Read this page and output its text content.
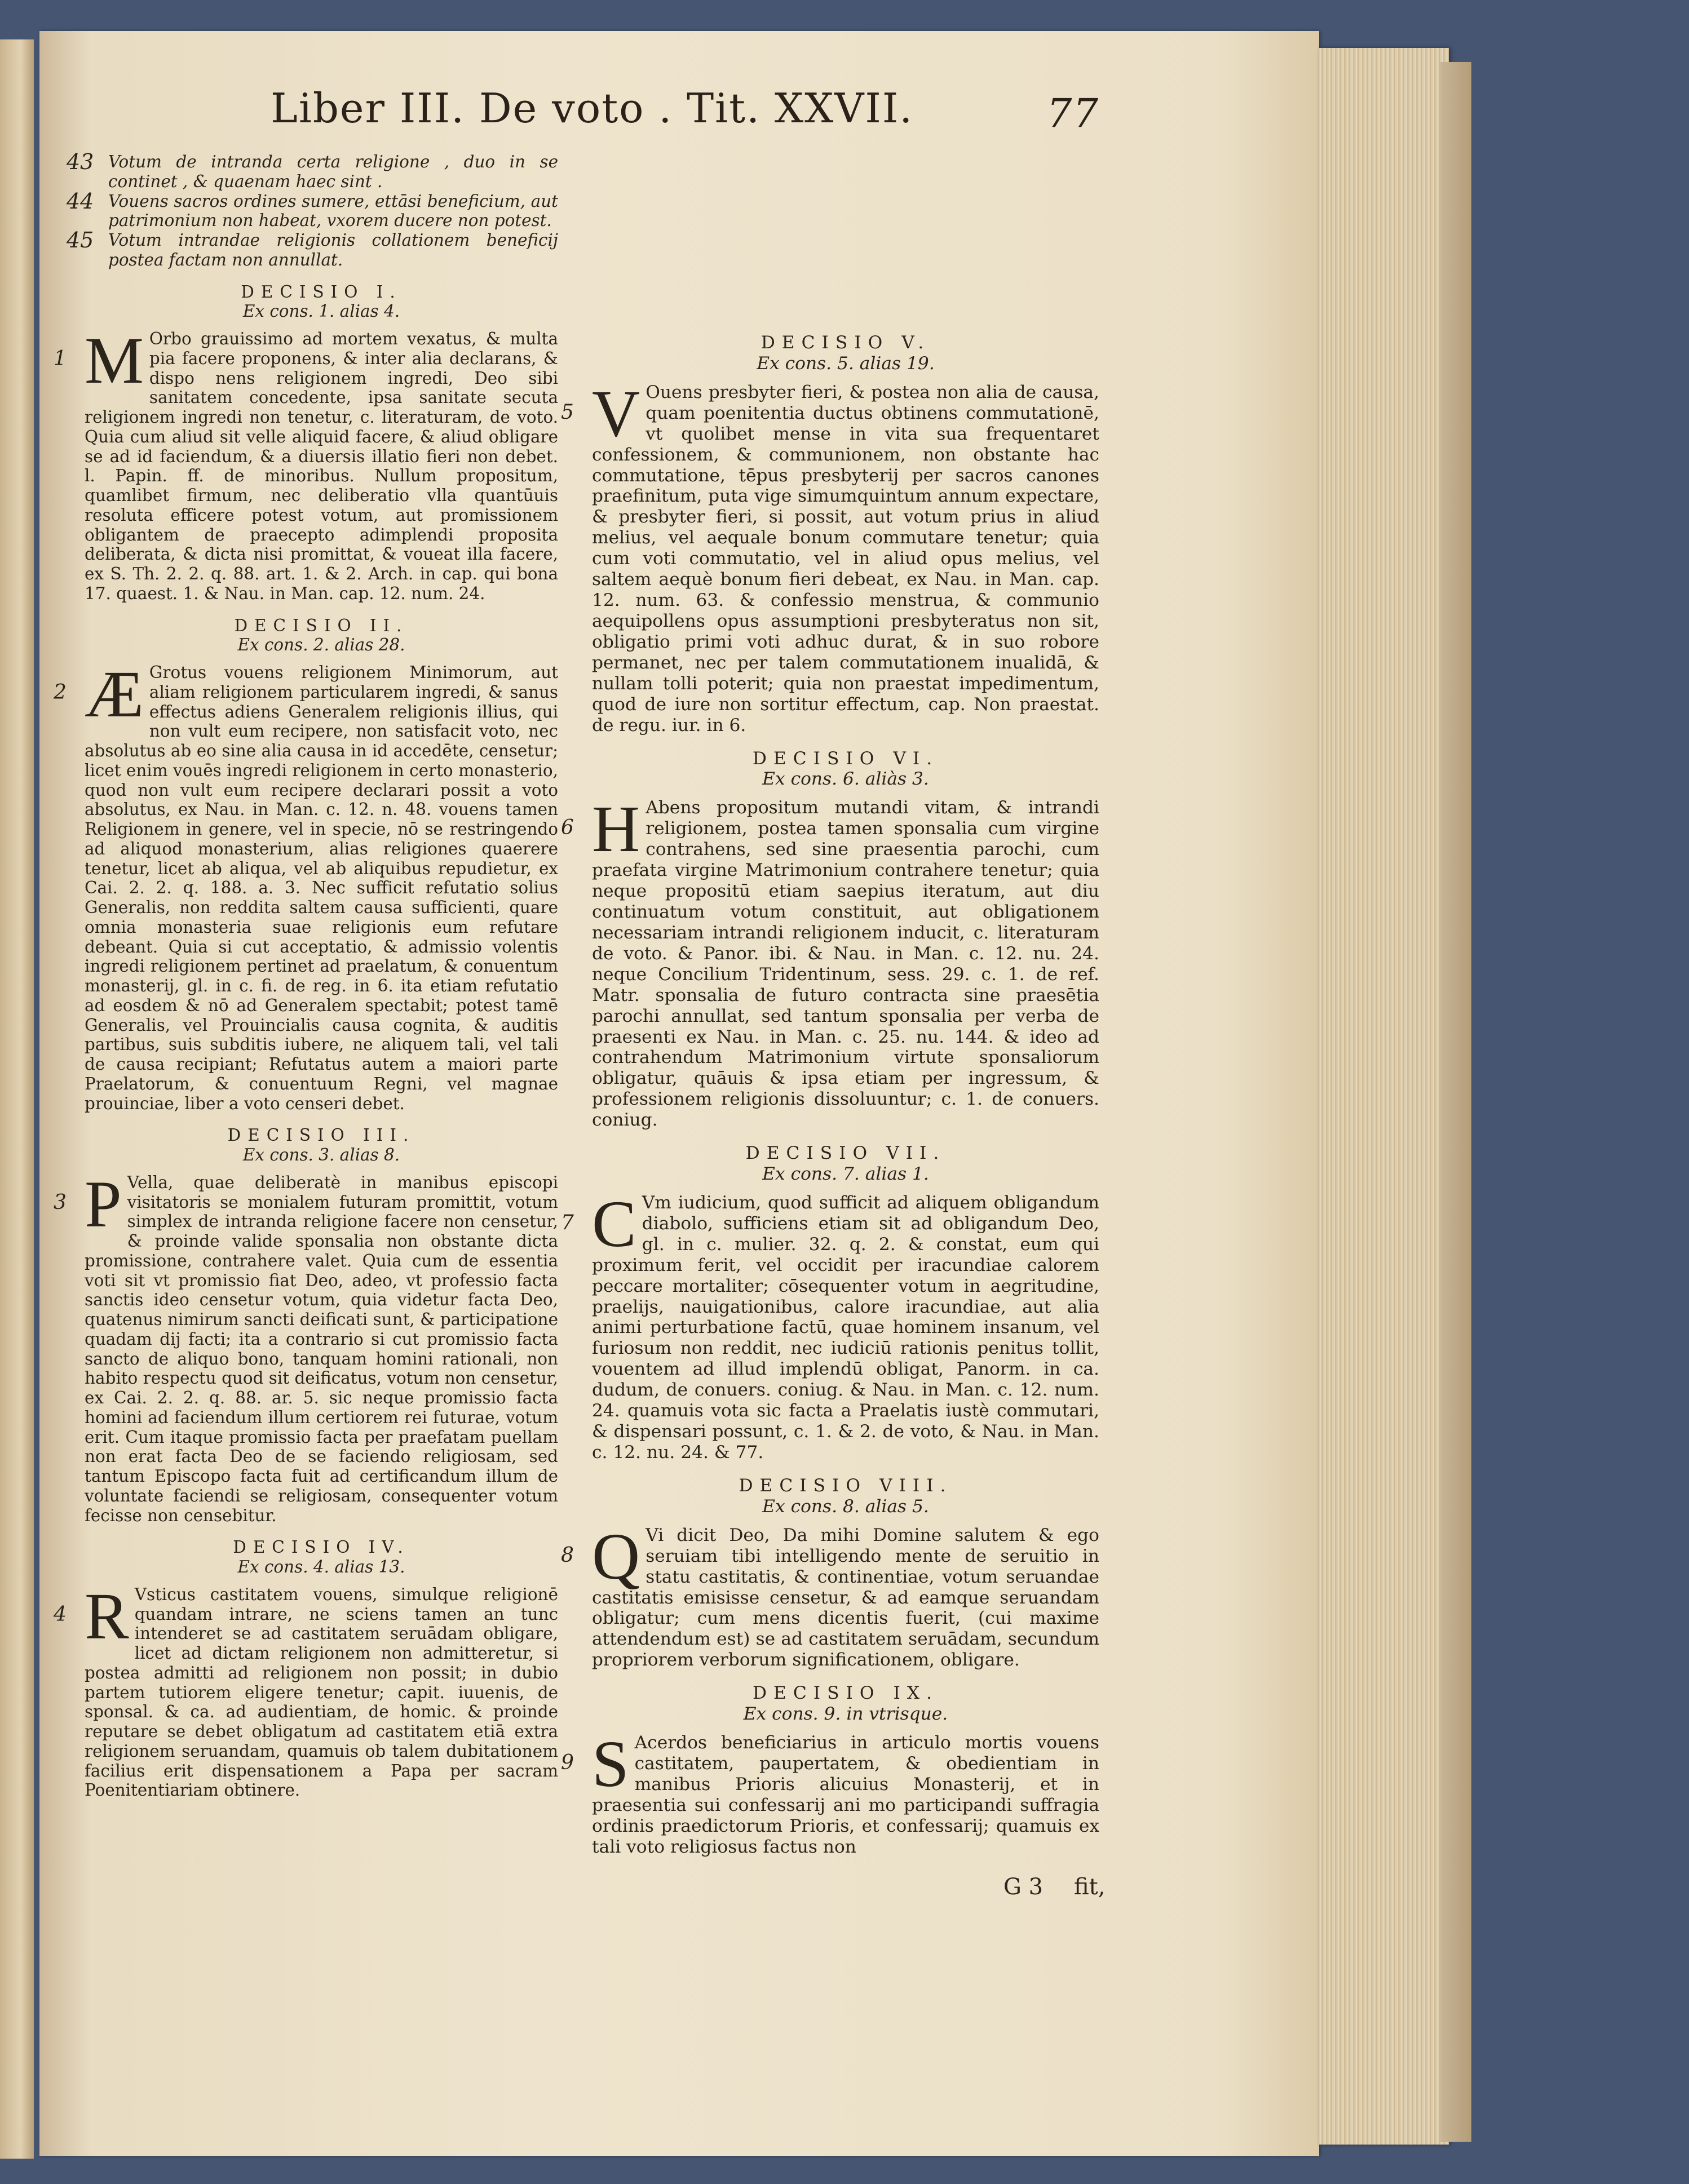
Liber III. De voto . Tit. XXVII.	77

43 Votum de intranda certa religione , duo in se continet , & quaenam haec sint .

44 Vouens sacros ordines sumere, ettāsi beneficium, aut patrimonium non habeat, vxorem ducere non potest.

45 Votum intrandae religionis collationem beneficij postea factam non annullat.

DECISIO I.

Ex cons. 1. alias 4.

1 M Orbo grauissimo ad mortem vexatus, & multa pia facere proponens, & inter alia declarans, & dispo nens religionem ingredi, Deo sibi sanitatem concedente, ipsa sanitate secuta religionem ingredi non tenetur, c. literaturam, de voto. Quia cum aliud sit velle aliquid facere, & aliud obligare se ad id faciendum, & a diuersis illatio fieri non debet. l. Papin. ff. de minoribus. Nullum propositum, quamlibet firmum, nec deliberatio vlla quantūuis resoluta efficere potest votum, aut promissionem obligantem de praecepto adimplendi proposita deliberata, & dicta nisi promittat, & voueat illa facere, ex S. Th. 2. 2. q. 88. art. 1. & 2. Arch. in cap. qui bona 17. quaest. 1. & Nau. in Man. cap. 12. num. 24.

DECISIO II.

Ex cons. 2. alias 28.

2 Æ Grotus vouens religionem Minimorum, aut aliam religionem particularem ingredi, & sanus effectus adiens Generalem religionis illius, qui non vult eum recipere, non satisfacit voto, nec absolutus ab eo sine alia causa in id accedēte, censetur; licet enim vouēs ingredi religionem in certo monasterio, quod non vult eum recipere declarari possit a voto absolutus, ex Nau. in Man. c. 12. n. 48. vouens tamen Religionem in genere, vel in specie, nō se restringendo ad aliquod monasterium, alias religiones quaerere tenetur, licet ab aliqua, vel ab aliquibus repudietur, ex Cai. 2. 2. q. 188. a. 3. Nec sufficit refutatio solius Generalis, non reddita saltem causa sufficienti, quare omnia monasteria suae religionis eum refutare debeant. Quia si cut acceptatio, & admissio volentis ingredi religionem pertinet ad praelatum, & conuentum monasterij, gl. in c. fi. de reg. in 6. ita etiam refutatio ad eosdem & nō ad Generalem spectabit; potest tamē Generalis, vel Prouincialis causa cognita, & auditis partibus, suis subditis iubere, ne aliquem tali, vel tali de causa recipiant; Refutatus autem a maiori parte Praelatorum, & conuentuum Regni, vel magnae prouinciae, liber a voto censeri debet.

DECISIO III.

Ex cons. 3. alias 8.

3 P Vella, quae deliberatè in manibus episcopi visitatoris se monialem futuram promittit, votum simplex de intranda religione facere non censetur, & proinde valide sponsalia non obstante dicta promissione, contrahere valet. Quia cum de essentia voti sit vt promissio fiat Deo, adeo, vt professio facta sanctis ideo censetur votum, quia videtur facta Deo, quatenus nimirum sancti deificati sunt, & participatione quadam dij facti; ita a contrario si cut promissio facta sancto de aliquo bono, tanquam homini rationali, non habito respectu quod sit deificatus, votum non censetur, ex Cai. 2. 2. q. 88. ar. 5. sic neque promissio facta homini ad faciendum illum certiorem rei futurae, votum erit. Cum itaque promissio facta per praefatam puellam non erat facta Deo de se faciendo religiosam, sed tantum Episcopo facta fuit ad certificandum illum de voluntate faciendi se religiosam, consequenter votum fecisse non censebitur.

DECISIO IV.

Ex cons. 4. alias 13.

4 R Vsticus castitatem vouens, simulque religionē quandam intrare, ne sciens tamen an tunc intenderet se ad castitatem seruādam obligare, licet ad dictam religionem non admitteretur, si postea admitti ad religionem non possit; in dubio partem tutiorem eligere tenetur; capit. iuuenis, de sponsal. & ca. ad audientiam, de homic. & proinde reputare se debet obligatum ad castitatem etiā extra religionem seruandam, quamuis ob talem dubitationem facilius erit dispensationem a Papa per sacram Poenitentiariam obtinere.

DECISIO V.

Ex cons. 5. alias 19.

5 V Ouens presbyter fieri, & postea non alia de causa, quam poenitentia ductus obtinens commutationē, vt quolibet mense in vita sua frequentaret confessionem, & communionem, non obstante hac commutatione, tēpus presbyterij per sacros canones praefinitum, puta vige simumquintum annum expectare, & presbyter fieri, si possit, aut votum prius in aliud melius, vel aequale bonum commutare tenetur; quia cum voti commutatio, vel in aliud opus melius, vel saltem aequè bonum fieri debeat, ex Nau. in Man. cap. 12. num. 63. & confessio menstrua, & communio aequipollens opus assumptioni presbyteratus non sit, obligatio primi voti adhuc durat, & in suo robore permanet, nec per talem commutationem inualidā, & nullam tolli poterit; quia non praestat impedimentum, quod de iure non sortitur effectum, cap. Non praestat. de regu. iur. in 6.

DECISIO VI.

Ex cons. 6. aliàs 3.

6 H Abens propositum mutandi vitam, & intrandi religionem, postea tamen sponsalia cum virgine contrahens, sed sine praesentia parochi, cum praefata virgine Matrimonium contrahere tenetur; quia neque propositū etiam saepius iteratum, aut diu continuatum votum constituit, aut obligationem necessariam intrandi religionem inducit, c. literaturam de voto. & Panor. ibi. & Nau. in Man. c. 12. nu. 24. neque Concilium Tridentinum, sess. 29. c. 1. de ref. Matr. sponsalia de futuro contracta sine praesētia parochi annullat, sed tantum sponsalia per verba de praesenti ex Nau. in Man. c. 25. nu. 144. & ideo ad contrahendum Matrimonium virtute sponsaliorum obligatur, quāuis & ipsa etiam per ingressum, & professionem religionis dissoluuntur; c. 1. de conuers. coniug.

DECISIO VII.

Ex cons. 7. alias 1.

7 C Vm iudicium, quod sufficit ad aliquem obligandum diabolo, sufficiens etiam sit ad obligandum Deo, gl. in c. mulier. 32. q. 2. & constat, eum qui proximum ferit, vel occidit per iracundiae calorem peccare mortaliter; cōsequenter votum in aegritudine, praelijs, nauigationibus, calore iracundiae, aut alia animi perturbatione factū, quae hominem insanum, vel furiosum non reddit, nec iudiciū rationis penitus tollit, vouentem ad illud implendū obligat, Panorm. in ca. dudum, de conuers. coniug. & Nau. in Man. c. 12. num. 24. quamuis vota sic facta a Praelatis iustè commutari, & dispensari possunt, c. 1. & 2. de voto, & Nau. in Man. c. 12. nu. 24. & 77.

DECISIO VIII.

Ex cons. 8. alias 5.

8 Q Vi dicit Deo, Da mihi Domine salutem & ego seruiam tibi intelligendo mente de seruitio in statu castitatis, & continentiae, votum seruandae castitatis emisisse censetur, & ad eamque seruandam obligatur; cum mens dicentis fuerit, (cui maxime attendendum est) se ad castitatem seruādam, secundum propriorem verborum significationem, obligare.

DECISIO IX.

Ex cons. 9. in vtrisque.

9 S Acerdos beneficiarius in articulo mortis vouens castitatem, paupertatem, & obedientiam in manibus Prioris alicuius Monasterij, et in praesentia sui confessarij ani mo participandi suffragia ordinis praedictorum Prioris, et confessarij; quamuis ex tali voto religiosus factus non

G 3 fit,
